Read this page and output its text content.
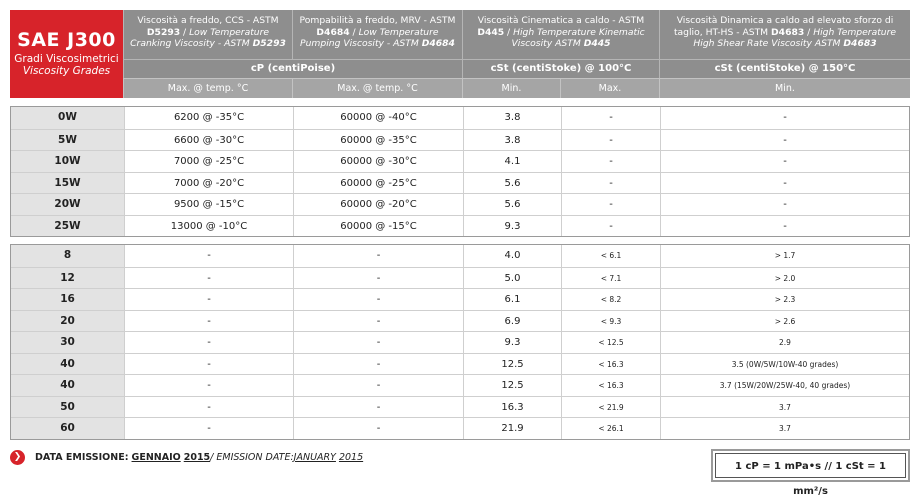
SAE J300
Gradi Viscosimetrici
Viscosity Grades
Viscosità a freddo, CCS - ASTM D5293 / Low Temperature Cranking Viscosity - ASTM D5293
Pompabilità a freddo, MRV - ASTM D4684 / Low Temperature Pumping Viscosity - ASTM D4684
Viscosità Cinematica a caldo - ASTM D445 / High Temperature Kinematic Viscosity ASTM D445
Viscosità Dinamica a caldo ad elevato sforzo di taglio, HT-HS - ASTM D4683 / High Temperature High Shear Rate Viscosity ASTM D4683
cP (centiPoise)	cSt (centiStoke) @ 100°C	cSt (centiStoke) @ 150°C
Max. @ temp. °C	Max. @ temp. °C	Min.	Max.	Min.
0W	6200 @ -35°C	60000 @ -40°C	3.8	-	-
5W	6600 @ -30°C	60000 @ -35°C	3.8	-	-
10W	7000 @ -25°C	60000 @ -30°C	4.1	-	-
15W	7000 @ -20°C	60000 @ -25°C	5.6	-	-
20W	9500 @ -15°C	60000 @ -20°C	5.6	-	-
25W	13000 @ -10°C	60000 @ -15°C	9.3	-	-
8	-	-	4.0	< 6.1	> 1.7
12	-	-	5.0	< 7.1	> 2.0
16	-	-	6.1	< 8.2	> 2.3
20	-	-	6.9	< 9.3	> 2.6
30	-	-	9.3	< 12.5	2.9
40	-	-	12.5	< 16.3	3.5 (0W/5W/10W-40 grades)
40	-	-	12.5	< 16.3	3.7 (15W/20W/25W-40, 40 grades)
50	-	-	16.3	< 21.9	3.7
60	-	-	21.9	< 26.1	3.7
❯	DATA EMISSIONE:
GENNAIO
2015 / EMISSION DATE: JANUARY
2015
1 cP = 1 mPa•s // 1 cSt = 1 mm²/s
